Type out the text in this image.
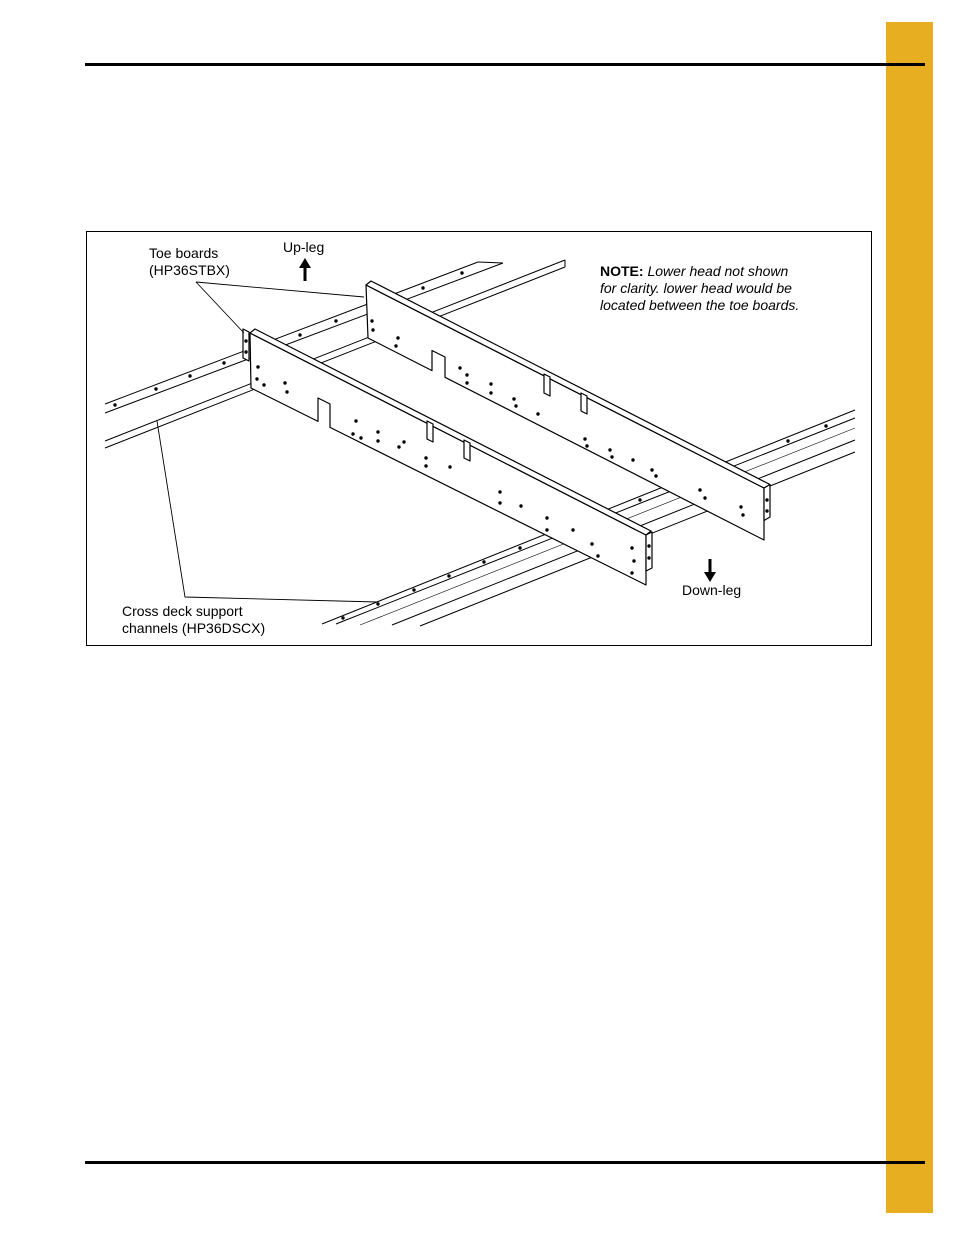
Toe boards
(HP36STBX)
Up-leg
NOTE: Lower head not shown
for clarity. lower head would be
located between the toe boards.
Cross deck support
channels (HP36DSCX)
Down-leg
